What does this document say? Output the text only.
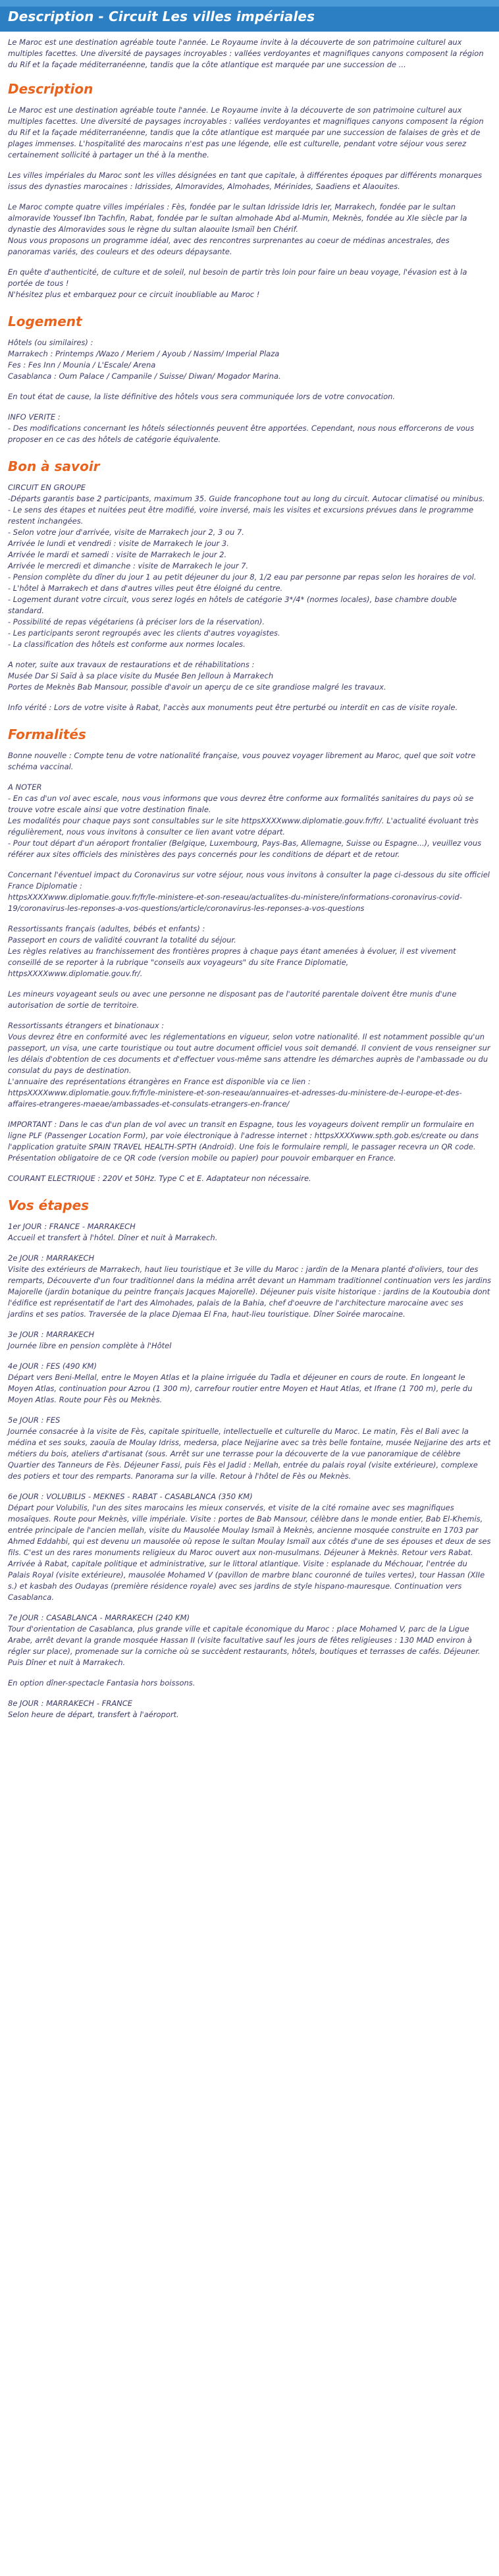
Description - Circuit Les villes impériales

Le Maroc est une destination agréable toute l'année. Le Royaume invite à la découverte de son patrimoine culturel aux multiples facettes. Une diversité de paysages incroyables : vallées verdoyantes et magnifiques canyons composent la région du Rif et la façade méditerranéenne, tandis que la côte atlantique est marquée par une succession de ...

Description

Le Maroc est une destination agréable toute l'année. Le Royaume invite à la découverte de son patrimoine culturel aux multiples facettes. Une diversité de paysages incroyables : vallées verdoyantes et magnifiques canyons composent la région du Rif et la façade méditerranéenne, tandis que la côte atlantique est marquée par une succession de falaises de grès et de plages immenses. L'hospitalité des marocains n'est pas une légende, elle est culturelle, pendant votre séjour vous serez certainement sollicité à partager un thé à la menthe.

Les villes impériales du Maroc sont les villes désignées en tant que capitale, à différentes époques par différents monarques issus des dynasties marocaines : Idrissides, Almoravides, Almohades, Mérinides, Saadiens et Alaouites.

Le Maroc compte quatre villes impériales : Fès, fondée par le sultan Idrisside Idris Ier, Marrakech, fondée par le sultan almoravide Youssef Ibn Tachfin, Rabat, fondée par le sultan almohade Abd al-Mumin, Meknès, fondée au XIe siècle par la dynastie des Almoravides sous le règne du sultan alaouite Ismaïl ben Chérif.
Nous vous proposons un programme idéal, avec des rencontres surprenantes au coeur de médinas ancestrales, des panoramas variés, des couleurs et des odeurs dépaysante.

En quête d'authenticité, de culture et de soleil, nul besoin de partir très loin pour faire un beau voyage, l'évasion est à la portée de tous !
N'hésitez plus et embarquez pour ce circuit inoubliable au Maroc !

Logement

Hôtels (ou similaires) :
Marrakech : Printemps /Wazo / Meriem / Ayoub / Nassim/ Imperial Plaza
Fes : Fes Inn / Mounia / L'Escale/ Arena
Casablanca : Oum Palace / Campanile / Suisse/ Diwan/ Mogador Marina.

En tout état de cause, la liste définitive des hôtels vous sera communiquée lors de votre convocation.

INFO VERITE :
- Des modifications concernant les hôtels sélectionnés peuvent être apportées. Cependant, nous nous efforcerons de vous proposer en ce cas des hôtels de catégorie équivalente.

Bon à savoir

CIRCUIT EN GROUPE
-Départs garantis base 2 participants, maximum 35. Guide francophone tout au long du circuit. Autocar climatisé ou minibus.
- Le sens des étapes et nuitées peut être modifié, voire inversé, mais les visites et excursions prévues dans le programme restent inchangées.
- Selon votre jour d'arrivée, visite de Marrakech jour 2, 3 ou 7.
Arrivée le lundi et vendredi : visite de Marrakech le jour 3.
Arrivée le mardi et samedi : visite de Marrakech le jour 2.
Arrivée le mercredi et dimanche : visite de Marrakech le jour 7.
- Pension complète du dîner du jour 1 au petit déjeuner du jour 8, 1/2 eau par personne par repas selon les horaires de vol.
- L'hôtel à Marrakech et dans d'autres villes peut être éloigné du centre.
- Logement durant votre circuit, vous serez logés en hôtels de catégorie 3*/4* (normes locales), base chambre double standard.
- Possibilité de repas végétariens (à préciser lors de la réservation).
- Les participants seront regroupés avec les clients d'autres voyagistes.
- La classification des hôtels est conforme aux normes locales.

A noter, suite aux travaux de restaurations et de réhabilitations :
Musée Dar Si Saïd à sa place visite du Musée Ben Jelloun à Marrakech
Portes de Meknès Bab Mansour, possible d'avoir un aperçu de ce site grandiose malgré les travaux.

Info vérité : Lors de votre visite à Rabat, l'accès aux monuments peut être perturbé ou interdit en cas de visite royale.

Formalités

Bonne nouvelle : Compte tenu de votre nationalité française, vous pouvez voyager librement au Maroc, quel que soit votre schéma vaccinal.

A NOTER
- En cas d'un vol avec escale, nous vous informons que vous devrez être conforme aux formalités sanitaires du pays où se trouve votre escale ainsi que votre destination finale.
Les modalités pour chaque pays sont consultables sur le site httpsXXXXwww.diplomatie.gouv.fr/fr/. L'actualité évoluant très régulièrement, nous vous invitons à consulter ce lien avant votre départ.
- Pour tout départ d'un aéroport frontalier (Belgique, Luxembourg, Pays-Bas, Allemagne, Suisse ou Espagne...), veuillez vous référer aux sites officiels des ministères des pays concernés pour les conditions de départ et de retour.

Concernant l'éventuel impact du Coronavirus sur votre séjour, nous vous invitons à consulter la page ci-dessous du site officiel France Diplomatie :
httpsXXXXwww.diplomatie.gouv.fr/fr/le-ministere-et-son-reseau/actualites-du-ministere/informations-coronavirus-covid-19/coronavirus-les-reponses-a-vos-questions/article/coronavirus-les-reponses-a-vos-questions

Ressortissants français (adultes, bébés et enfants) :
Passeport en cours de validité couvrant la totalité du séjour.
Les règles relatives au franchissement des frontières propres à chaque pays étant amenées à évoluer, il est vivement conseillé de se reporter à la rubrique "conseils aux voyageurs" du site France Diplomatie,
httpsXXXXwww.diplomatie.gouv.fr/.

Les mineurs voyageant seuls ou avec une personne ne disposant pas de l'autorité parentale doivent être munis d'une autorisation de sortie de territoire.

Ressortissants étrangers et binationaux :
Vous devrez être en conformité avec les réglementations en vigueur, selon votre nationalité. Il est notamment possible qu'un passeport, un visa, une carte touristique ou tout autre document officiel vous soit demandé. Il convient de vous renseigner sur les délais d'obtention de ces documents et d'effectuer vous-même sans attendre les démarches auprès de l'ambassade ou du consulat du pays de destination.
L'annuaire des représentations étrangères en France est disponible via ce lien :
httpsXXXXwww.diplomatie.gouv.fr/fr/le-ministere-et-son-reseau/annuaires-et-adresses-du-ministere-de-l-europe-et-des-affaires-etrangeres-maeae/ambassades-et-consulats-etrangers-en-france/

IMPORTANT : Dans le cas d'un plan de vol avec un transit en Espagne, tous les voyageurs doivent remplir un formulaire en ligne PLF (Passenger Location Form), par voie électronique à l'adresse internet : httpsXXXXwww.spth.gob.es/create ou dans l'application gratuite SPAIN TRAVEL HEALTH-SPTH (Android). Une fois le formulaire rempli, le passager recevra un QR code. Présentation obligatoire de ce QR code (version mobile ou papier) pour pouvoir embarquer en France.

COURANT ELECTRIQUE : 220V et 50Hz. Type C et E. Adaptateur non nécessaire.

Vos étapes

1er JOUR : FRANCE - MARRAKECH
Accueil et transfert à l'hôtel. Dîner et nuit à Marrakech.

2e JOUR : MARRAKECH
Visite des extérieurs de Marrakech, haut lieu touristique et 3e ville du Maroc : jardin de la Menara planté d'oliviers, tour des remparts, Découverte d'un four traditionnel dans la médina arrêt devant un Hammam traditionnel continuation vers les jardins Majorelle (jardin botanique du peintre français Jacques Majorelle). Déjeuner puis visite historique : jardins de la Koutoubia dont l'édifice est représentatif de l'art des Almohades, palais de la Bahia, chef d'oeuvre de l'architecture marocaine avec ses jardins et ses patios. Traversée de la place Djemaa El Fna, haut-lieu touristique. Dîner Soirée marocaine.

3e JOUR : MARRAKECH
Journée libre en pension complète à l'Hôtel

4e JOUR : FES (490 KM)
Départ vers Beni-Mellal, entre le Moyen Atlas et la plaine irriguée du Tadla et déjeuner en cours de route. En longeant le Moyen Atlas, continuation pour Azrou (1 300 m), carrefour routier entre Moyen et Haut Atlas, et Ifrane (1 700 m), perle du Moyen Atlas. Route pour Fès ou Meknès.

5e JOUR : FES
Journée consacrée à la visite de Fès, capitale spirituelle, intellectuelle et culturelle du Maroc. Le matin, Fès el Bali avec la médina et ses souks, zaouïa de Moulay Idriss, medersa, place Nejjarine avec sa très belle fontaine, musée Nejjarine des arts et métiers du bois, ateliers d'artisanat (sous. Arrêt sur une terrasse pour la découverte de la vue panoramique de célèbre Quartier des Tanneurs de Fès. Déjeuner Fassi, puis Fès el Jadid : Mellah, entrée du palais royal (visite extérieure), complexe des potiers et tour des remparts. Panorama sur la ville. Retour à l'hôtel de Fès ou Meknès.

6e JOUR : VOLUBILIS - MEKNES - RABAT - CASABLANCA (350 KM)
Départ pour Volubilis, l'un des sites marocains les mieux conservés, et visite de la cité romaine avec ses magnifiques mosaïques. Route pour Meknès, ville impériale. Visite : portes de Bab Mansour, célèbre dans le monde entier, Bab El-Khemis, entrée principale de l'ancien mellah, visite du Mausolée Moulay Ismaïl à Meknès, ancienne mosquée construite en 1703 par Ahmed Eddahbi, qui est devenu un mausolée où repose le sultan Moulay Ismaïl aux côtés d'une de ses épouses et deux de ses fils. C'est un des rares monuments religieux du Maroc ouvert aux non-musulmans. Déjeuner à Meknès. Retour vers Rabat. Arrivée à Rabat, capitale politique et administrative, sur le littoral atlantique. Visite : esplanade du Méchouar, l'entrée du Palais Royal (visite extérieure), mausolée Mohamed V (pavillon de marbre blanc couronné de tuiles vertes), tour Hassan (XIIe s.) et kasbah des Oudayas (première résidence royale) avec ses jardins de style hispano-mauresque. Continuation vers Casablanca.

7e JOUR : CASABLANCA - MARRAKECH (240 KM)
Tour d'orientation de Casablanca, plus grande ville et capitale économique du Maroc : place Mohamed V, parc de la Ligue Arabe, arrêt devant la grande mosquée Hassan II (visite facultative sauf les jours de fêtes religieuses : 130 MAD environ à régler sur place), promenade sur la corniche où se succèdent restaurants, hôtels, boutiques et terrasses de cafés. Déjeuner. Puis Dîner et nuit à Marrakech.

En option dîner-spectacle Fantasia hors boissons.

8e JOUR : MARRAKECH - FRANCE
Selon heure de départ, transfert à l'aéroport.
